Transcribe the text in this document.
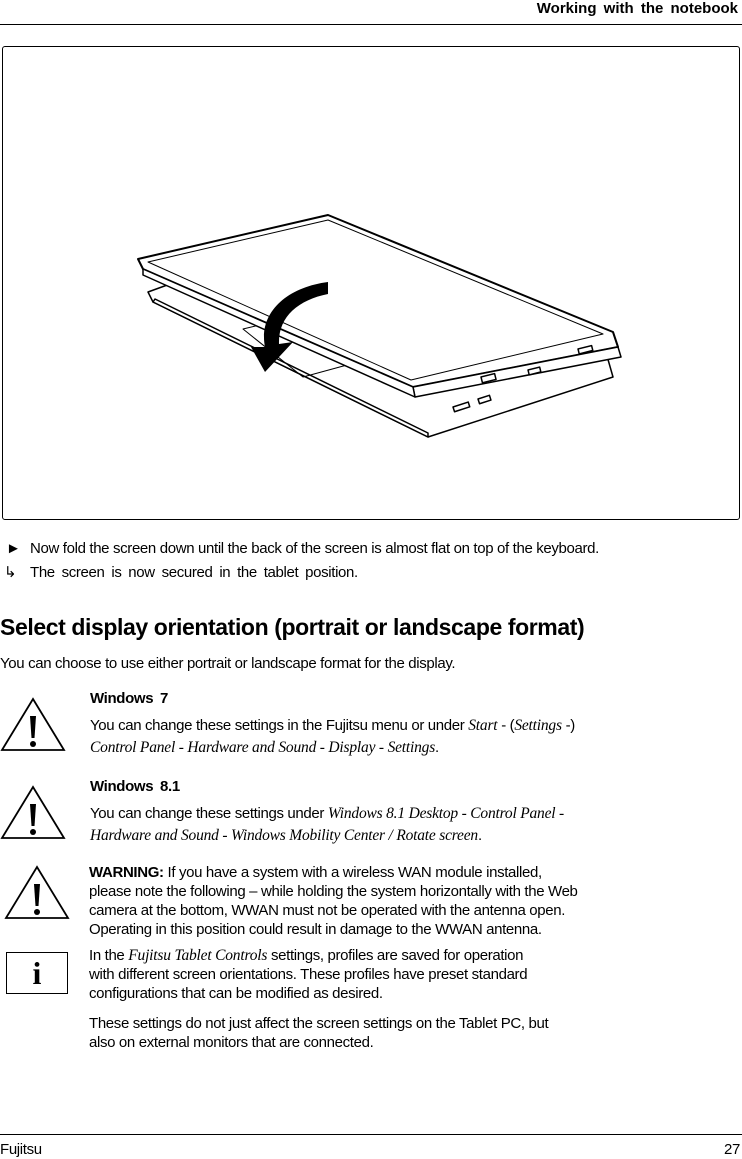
Working with the notebook
► Now fold the screen down until the back of the screen is almost flat on top of the keyboard.
↳ The screen is now secured in the tablet position.
Select display orientation (portrait or landscape format)
You can choose to use either portrait or landscape format for the display.
Windows 7
You can change these settings in the Fujitsu menu or under Start - (Settings -)
Control Panel - Hardware and Sound - Display - Settings.
Windows 8.1
You can change these settings under Windows 8.1 Desktop - Control Panel -
Hardware and Sound - Windows Mobility Center / Rotate screen.
WARNING: If you have a system with a wireless WAN module installed,
please note the following – while holding the system horizontally with the Web
camera at the bottom, WWAN must not be operated with the antenna open.
Operating in this position could result in damage to the WWAN antenna.
i	In the Fujitsu Tablet Controls settings, profiles are saved for operation
with different screen orientations. These profiles have preset standard
configurations that can be modified as desired.
These settings do not just affect the screen settings on the Tablet PC, but
also on external monitors that are connected.
Fujitsu	27
